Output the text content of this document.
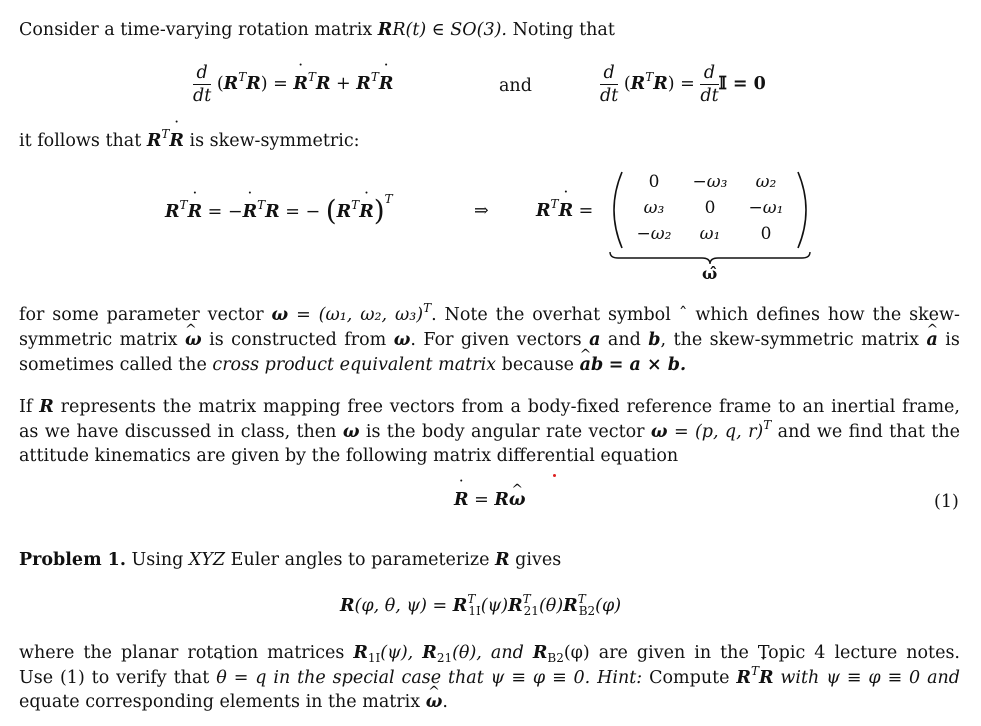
Consider a time-varying rotation matrix RR(t) ∈ SO(3). Noting that
$\frac{d}{dt} (R^TR) = R$ ˙$^T$R + $R^TR$ ˙	and	$\frac{d}{dt} (R^TR) = \frac{d}{dt}$ 𝕀 = 0
it follows that $R^TR$ ˙ is skew-symmetric:
$R^TR$ ˙ = −R ˙$^T$R = − ($R^TR$ ˙)$^T$
⇒	$R^TR$ ˙ =
0	−ω₃	ω₂
ω₃	0	−ω₁
−ω₂	ω₁	0
ω̂
for some parameter vector ω = (ω₁, ω₂, ω₃)$^T$. Note the overhat symbol ˆ which defines how the skew-
symmetric matrix ω ^ is constructed from ω. For given vectors a and b, the skew-symmetric matrix a ^ is
sometimes called the cross product equivalent matrix because a ^b = a × b.
If R represents the matrix mapping free vectors from a body-fixed reference frame to an inertial frame,
as we have discussed in class, then ω is the body angular rate vector ω = (p, q, r)$^T$ and we find that the
attitude kinematics are given by the following matrix differential equation
R ˙ = Rω ^	(1)
Problem 1. Using XYZ Euler angles to parameterize R gives
R(φ, θ, $\psi) = R^T_{1I}(\psi)R^T_{21}(\theta)R^T_{B2}(\varphi)$
where the planar rotation matrices $R_{1I}(\psi)$, $R_{21}(\theta)$, and $R_{B2}(\varphi)$ are given in the Topic 4 lecture notes.
Use (1) to verify that θ ˙ = q in the special case that ψ ≡ φ ≡ 0. Hint: Compute $R^TR$ ˙ with ψ ≡ φ ≡ 0 and
equate corresponding elements in the matrix ω ^.
